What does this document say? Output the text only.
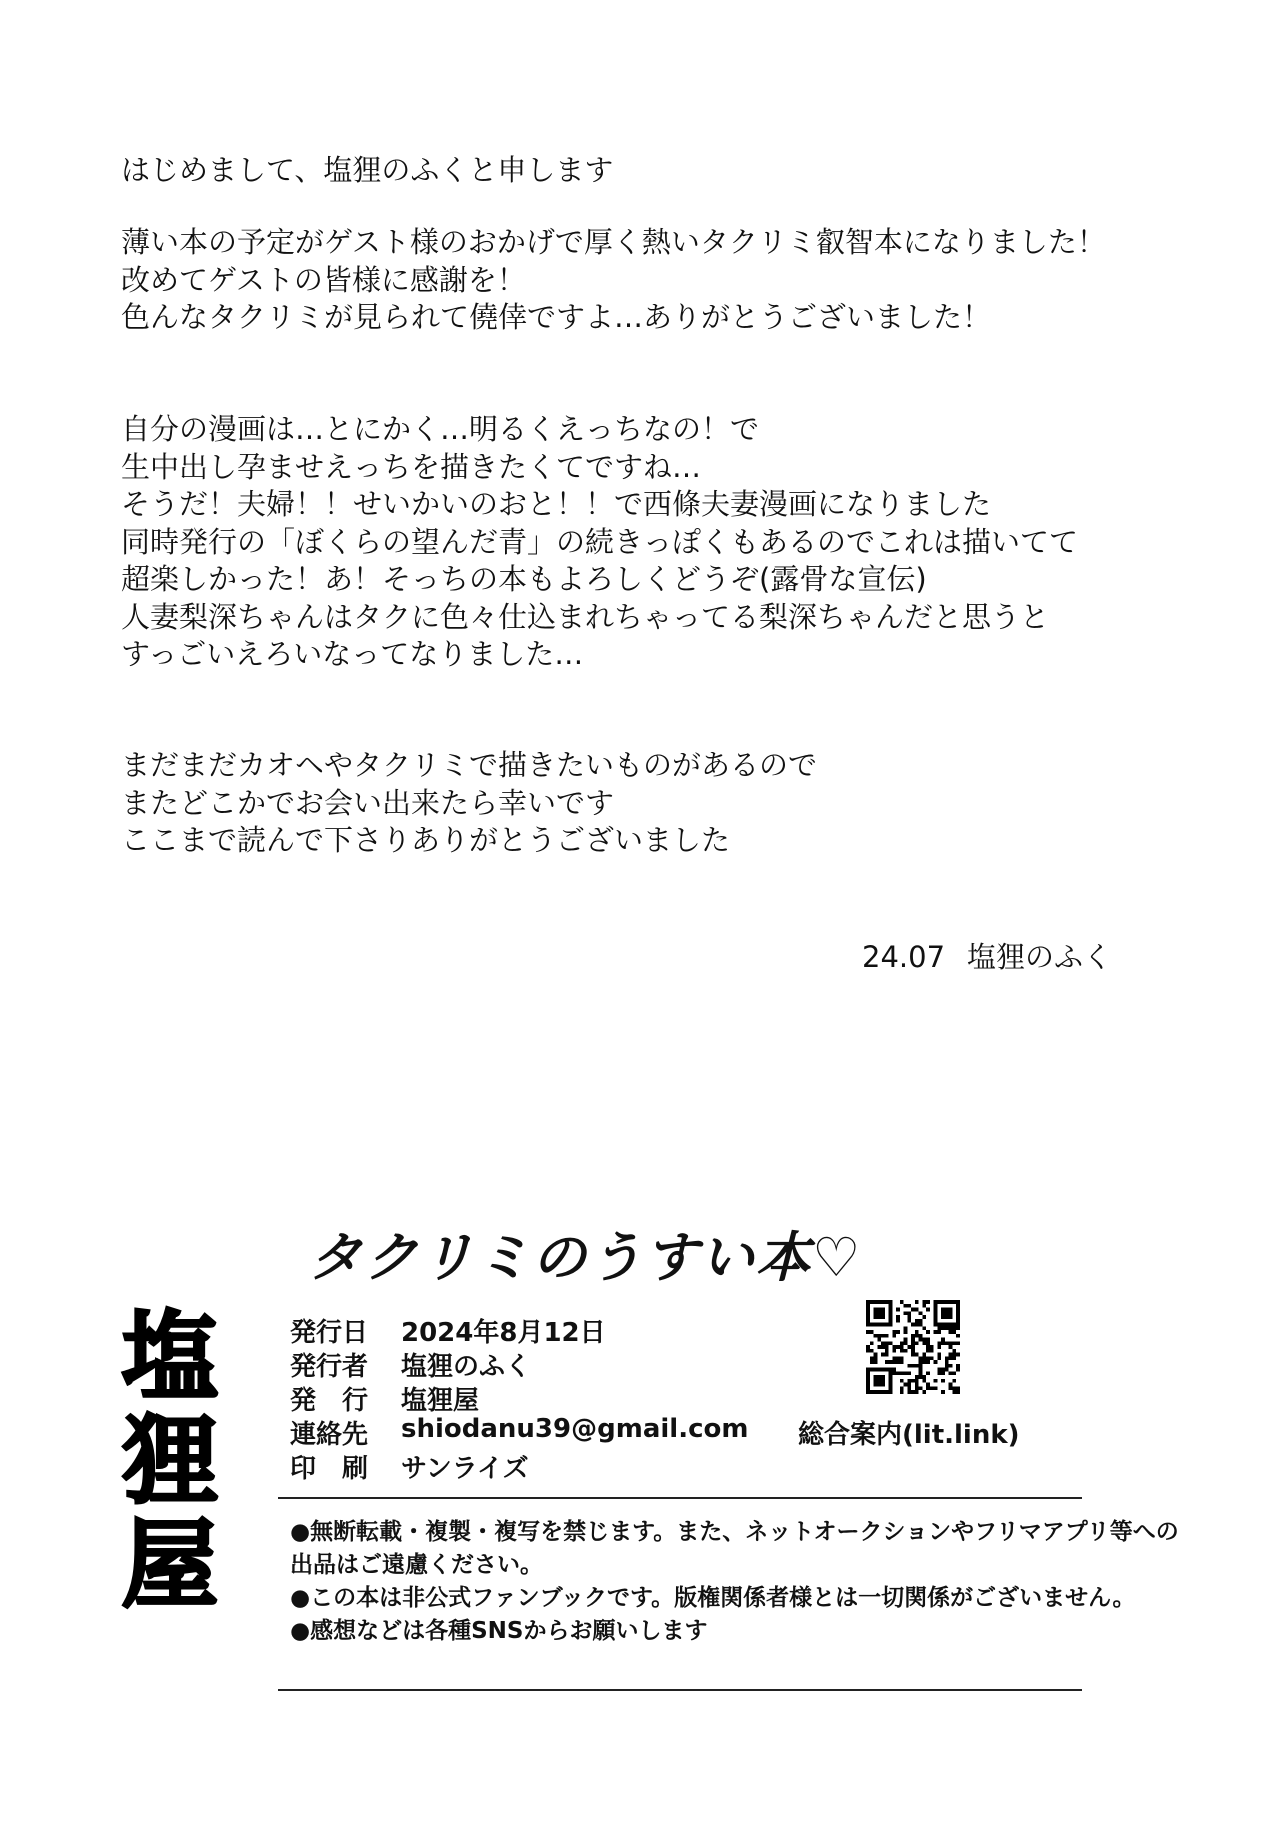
はじめまして、塩狸のふくと申します
薄い本の予定がゲスト様のおかげで厚く熱いタクリミ叡智本になりました！
改めてゲストの皆様に感謝を！
色んなタクリミが見られて僥倖ですよ…ありがとうございました！
自分の漫画は…とにかく…明るくえっちなの！で
生中出し孕ませえっちを描きたくてですね…
そうだ！夫婦！！せいかいのおと！！で西條夫妻漫画になりました
同時発行の「ぼくらの望んだ青」の続きっぽくもあるのでこれは描いてて
超楽しかった！あ！そっちの本もよろしくどうぞ(露骨な宣伝)
人妻梨深ちゃんはタクに色々仕込まれちゃってる梨深ちゃんだと思うと
すっごいえろいなってなりました…
まだまだカオヘやタクリミで描きたいものがあるので
またどこかでお会い出来たら幸いです
ここまで読んで下さりありがとうございました
24.07 塩狸のふく
タクリミのうすい本♡
塩
狸
屋
発行日	2024年8月12日
発行者	塩狸のふく
発　行	塩狸屋
連絡先	shiodanu39@gmail.com
印　刷	サンライズ
総合案内(lit.link)
●無断転載・複製・複写を禁じます。また、ネットオークションやフリマアプリ等への
出品はご遠慮ください。
●この本は非公式ファンブックです。版権関係者様とは一切関係がございません。
●感想などは各種SNSからお願いします
